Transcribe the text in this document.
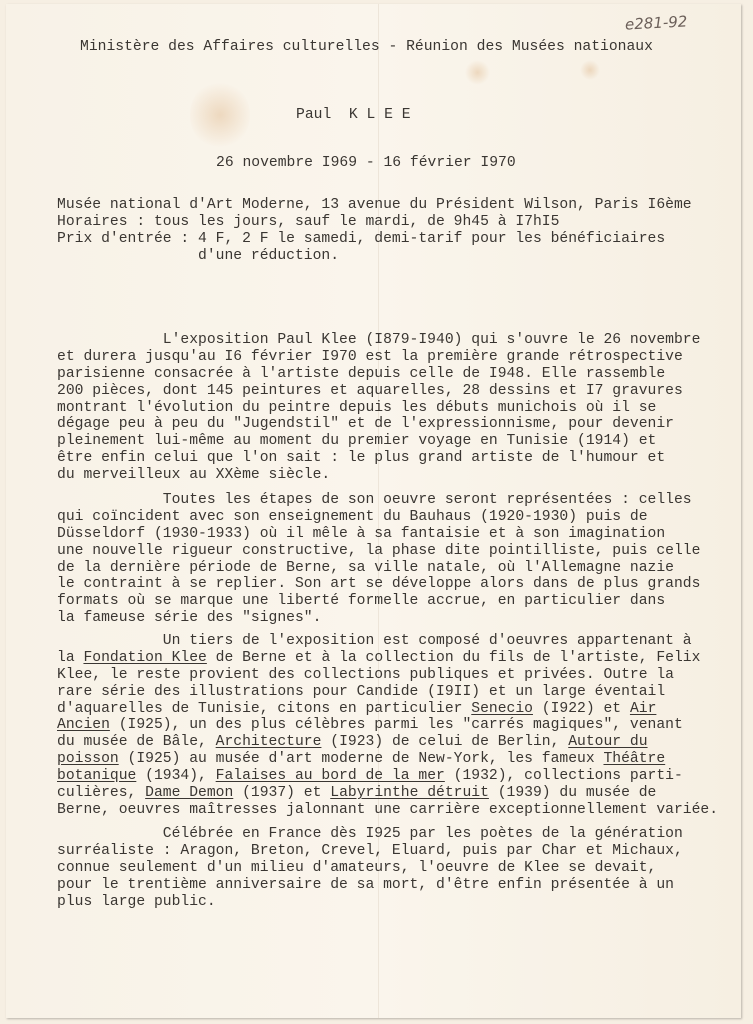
e281-92
Ministère des Affaires culturelles - Réunion des Musées nationaux
Paul  K L E E
26 novembre I969 - 16 février I970
Musée national d'Art Moderne, 13 avenue du Président Wilson, Paris I6ème
Horaires : tous les jours, sauf le mardi, de 9h45 à I7hI5
Prix d'entrée : 4 F, 2 F le samedi, demi-tarif pour les bénéficiaires
d'une réduction.
L'exposition Paul Klee (I879-I940) qui s'ouvre le 26 novembre
et durera jusqu'au I6 février I970 est la première grande rétrospective
parisienne consacrée à l'artiste depuis celle de I948. Elle rassemble
200 pièces, dont 145 peintures et aquarelles, 28 dessins et I7 gravures
montrant l'évolution du peintre depuis les débuts munichois où il se
dégage peu à peu du "Jugendstil" et de l'expressionnisme, pour devenir
pleinement lui-même au moment du premier voyage en Tunisie (1914) et
être enfin celui que l'on sait : le plus grand artiste de l'humour et
du merveilleux au XXème siècle.
Toutes les étapes de son oeuvre seront représentées : celles
qui coïncident avec son enseignement du Bauhaus (1920-1930) puis de
Düsseldorf (1930-1933) où il mêle à sa fantaisie et à son imagination
une nouvelle rigueur constructive, la phase dite pointilliste, puis celle
de la dernière période de Berne, sa ville natale, où l'Allemagne nazie
le contraint à se replier. Son art se développe alors dans de plus grands
formats où se marque une liberté formelle accrue, en particulier dans
la fameuse série des "signes".
Un tiers de l'exposition est composé d'oeuvres appartenant à
la Fondation Klee de Berne et à la collection du fils de l'artiste, Felix
Klee, le reste provient des collections publiques et privées. Outre la
rare série des illustrations pour Candide (I9II) et un large éventail
d'aquarelles de Tunisie, citons en particulier Senecio (I922) et Air
Ancien (I925), un des plus célèbres parmi les "carrés magiques", venant
du musée de Bâle, Architecture (I923) de celui de Berlin, Autour du
poisson (I925) au musée d'art moderne de New-York, les fameux Théâtre
botanique (1934), Falaises au bord de la mer (1932), collections parti-
culières, Dame Demon (1937) et Labyrinthe détruit (1939) du musée de
Berne, oeuvres maîtresses jalonnant une carrière exceptionnellement variée.
Célébrée en France dès I925 par les poètes de la génération
surréaliste : Aragon, Breton, Crevel, Eluard, puis par Char et Michaux,
connue seulement d'un milieu d'amateurs, l'oeuvre de Klee se devait,
pour le trentième anniversaire de sa mort, d'être enfin présentée à un
plus large public.
